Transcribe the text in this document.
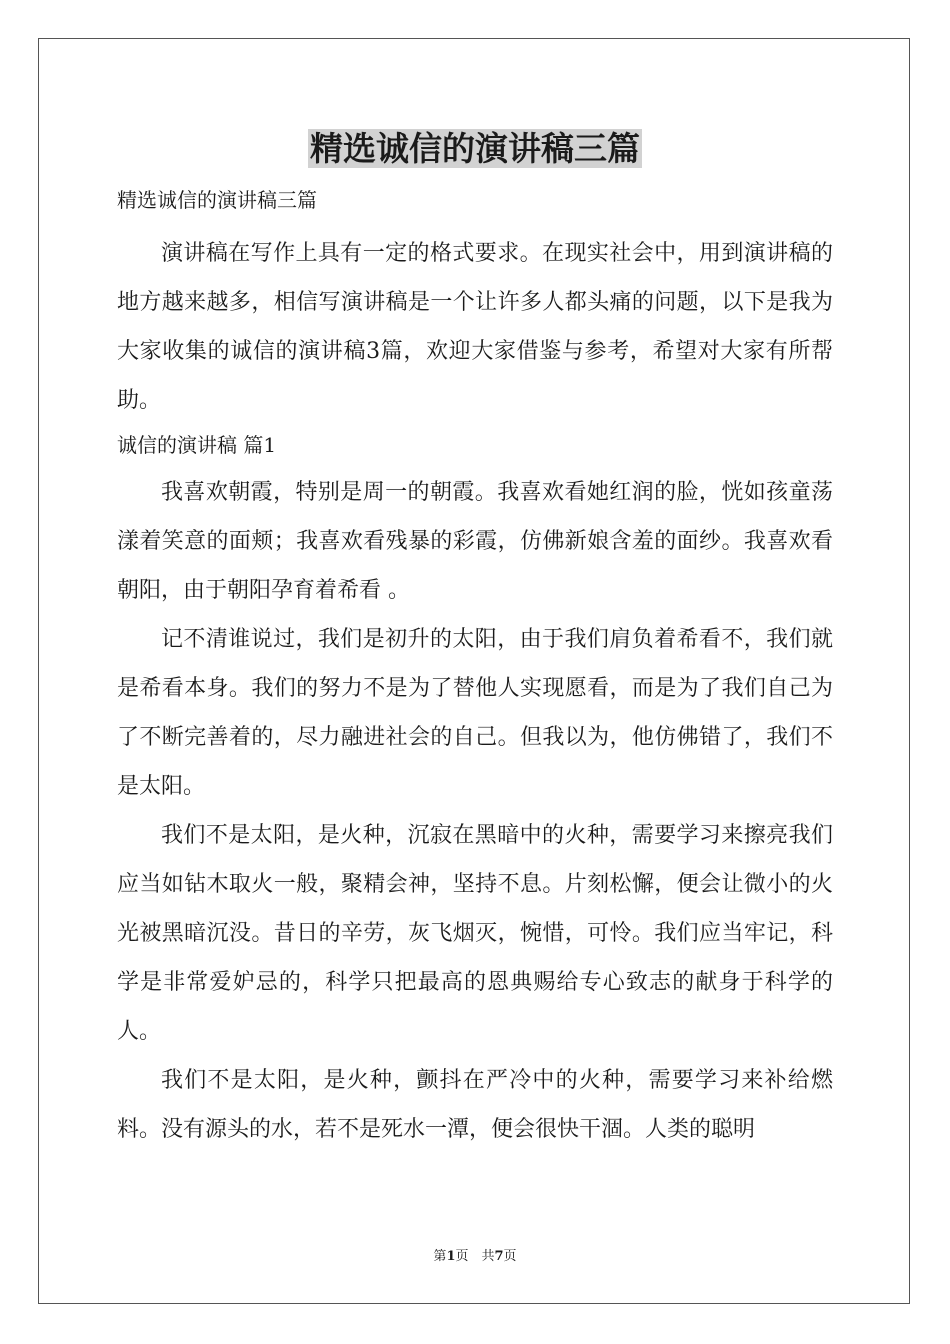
精选诚信的演讲稿三篇

精选诚信的演讲稿三篇

演讲稿在写作上具有一定的格式要求。在现实社会中，用到演讲稿的地方越来越多，相信写演讲稿是一个让许多人都头痛的问题，以下是我为大家收集的诚信的演讲稿3篇，欢迎大家借鉴与参考，希望对大家有所帮助。

诚信的演讲稿 篇1

我喜欢朝霞，特别是周一的朝霞。我喜欢看她红润的脸，恍如孩童荡漾着笑意的面颊；我喜欢看残暴的彩霞，仿佛新娘含羞的面纱。我喜欢看朝阳，由于朝阳孕育着希看 。

记不清谁说过，我们是初升的太阳，由于我们肩负着希看不，我们就是希看本身。我们的努力不是为了替他人实现愿看，而是为了我们自己为了不断完善着的，尽力融进社会的自己。但我以为，他仿佛错了，我们不是太阳。

我们不是太阳，是火种，沉寂在黑暗中的火种，需要学习来擦亮我们应当如钻木取火一般，聚精会神，坚持不息。片刻松懈，便会让微小的火光被黑暗沉没。昔日的辛劳，灰飞烟灭，惋惜，可怜。我们应当牢记，科学是非常爱妒忌的，科学只把最高的恩典赐给专心致志的献身于科学的人。

我们不是太阳，是火种，颤抖在严冷中的火种，需要学习来补给燃料。没有源头的水，若不是死水一潭，便会很快干涸。人类的聪明

第1页　共7页
